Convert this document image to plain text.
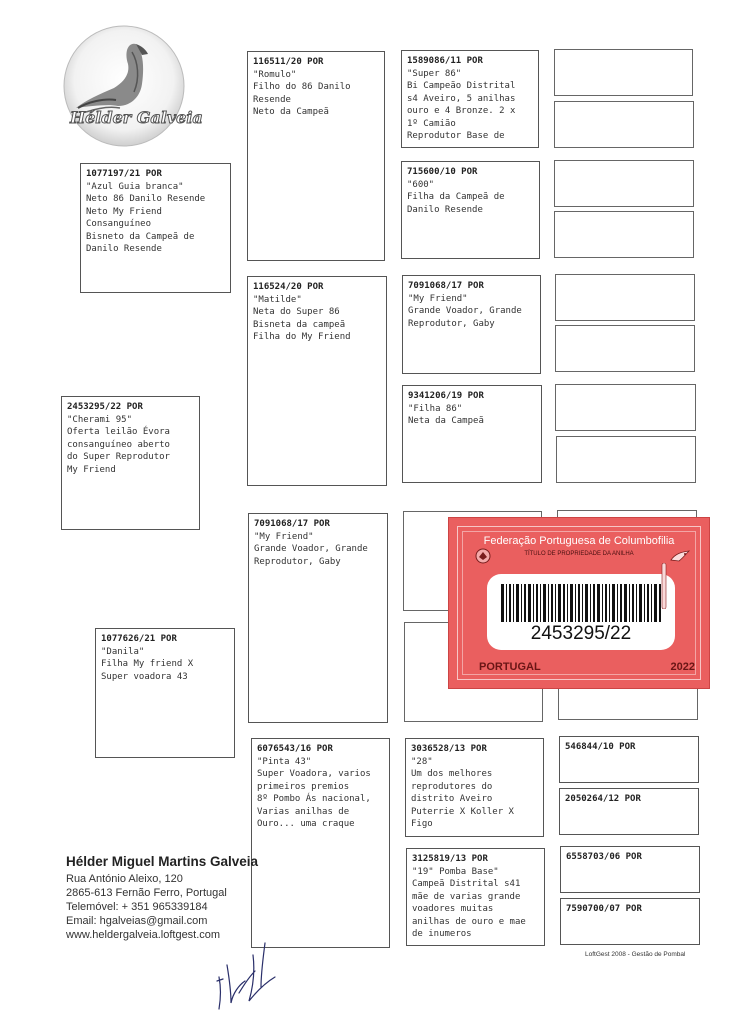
Hélder Galveia
2453295/22 POR
"Cherami 95"
Oferta leilão Évora
consanguíneo aberto
do Super Reprodutor
My Friend
1077197/21 POR
"Azul Guia branca"
Neto 86 Danilo Resende
Neto My Friend
Consanguíneo
Bisneto da Campeã de
Danilo Resende
1077626/21 POR
"Danila"
Filha My friend X
Super voadora 43
116511/20 POR
"Romulo"
Filho do 86 Danilo
Resende
Neto da Campeã
116524/20 POR
"Matilde"
Neta do Super 86
Bisneta da campeã
Filha do My Friend
7091068/17 POR
"My Friend"
Grande Voador, Grande
Reprodutor, Gaby
6076543/16 POR
"Pinta 43"
Super Voadora, varios
primeiros premios
8º Pombo Ás nacional,
Varias anilhas de
Ouro... uma craque
1589086/11 POR
"Super 86"
Bi Campeão Distrital
s4 Aveiro, 5 anilhas
ouro e 4 Bronze. 2 x
1º Camião
Reprodutor Base de
715600/10 POR
"600"
Filha da Campeã de
Danilo Resende
7091068/17 POR
"My Friend"
Grande Voador, Grande
Reprodutor, Gaby
9341206/19 POR
"Filha 86"
Neta da Campeã
3036528/13 POR
"28"
Um dos melhores
reprodutores do
distrito Aveiro
Puterrie X Koller X
Figo
3125819/13 POR
"19" Pomba Base"
Campeã Distrital s41
mãe de varias grande
voadores muitas
anilhas de ouro e mae
de inumeros
546844/10 POR
2050264/12 POR
6558703/06 POR
7590700/07 POR
Federação Portuguesa de Columbofilia
TÍTULO DE PROPRIEDADE DA ANILHA
2453295/22
PORTUGAL	2022
Hélder Miguel Martins Galveia
Rua António Aleixo, 120
2865-613 Fernão Ferro, Portugal
Telemóvel: + 351 965339184
Email: hgalveias@gmail.com
www.heldergalveia.loftgest.com
LoftGest 2008 - Gestão de Pombal
